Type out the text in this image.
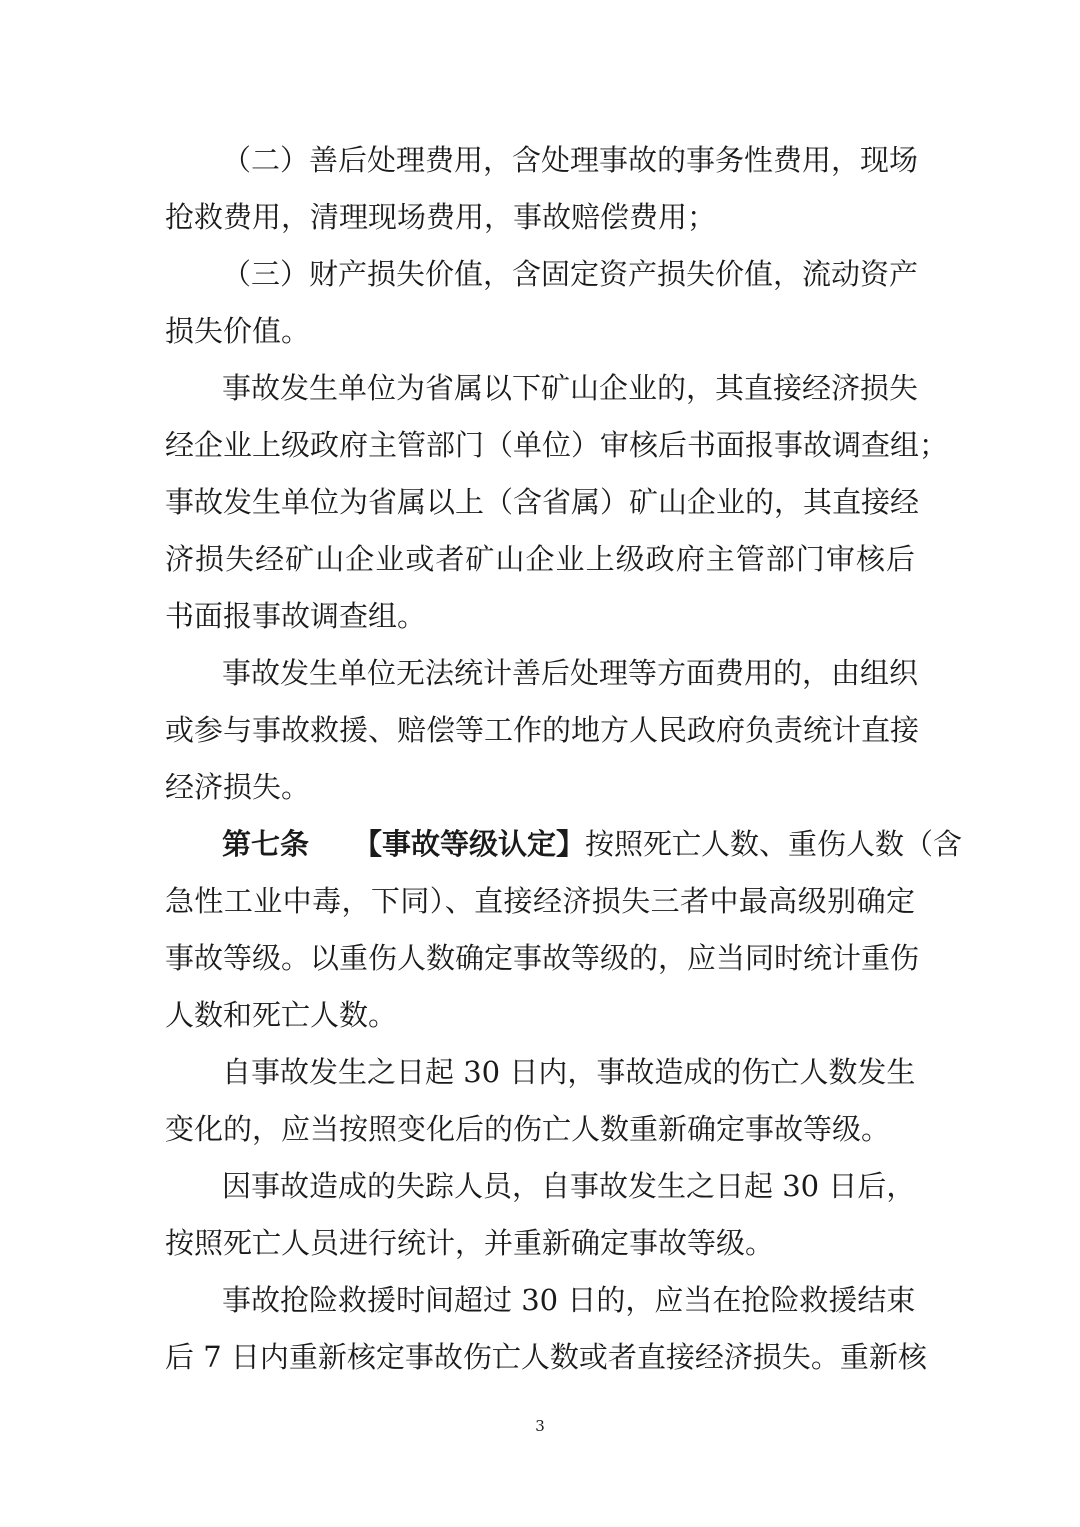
（二）善后处理费用，含处理事故的事务性费用，现场
抢救费用，清理现场费用，事故赔偿费用；
（三）财产损失价值，含固定资产损失价值，流动资产
损失价值。
事故发生单位为省属以下矿山企业的，其直接经济损失
经企业上级政府主管部门（单位）审核后书面报事故调查组；
事故发生单位为省属以上（含省属）矿山企业的，其直接经
济损失经矿山企业或者矿山企业上级政府主管部门审核后
书面报事故调查组。
事故发生单位无法统计善后处理等方面费用的，由组织
或参与事故救援、赔偿等工作的地方人民政府负责统计直接
经济损失。
第七条 【事故等级认定】按照死亡人数、重伤人数（含
急性工业中毒，下同）、直接经济损失三者中最高级别确定
事故等级。以重伤人数确定事故等级的，应当同时统计重伤
人数和死亡人数。
自事故发生之日起 30 日内，事故造成的伤亡人数发生
变化的，应当按照变化后的伤亡人数重新确定事故等级。
因事故造成的失踪人员，自事故发生之日起 30 日后，
按照死亡人员进行统计，并重新确定事故等级。
事故抢险救援时间超过 30 日的，应当在抢险救援结束
后 7 日内重新核定事故伤亡人数或者直接经济损失。重新核
3
